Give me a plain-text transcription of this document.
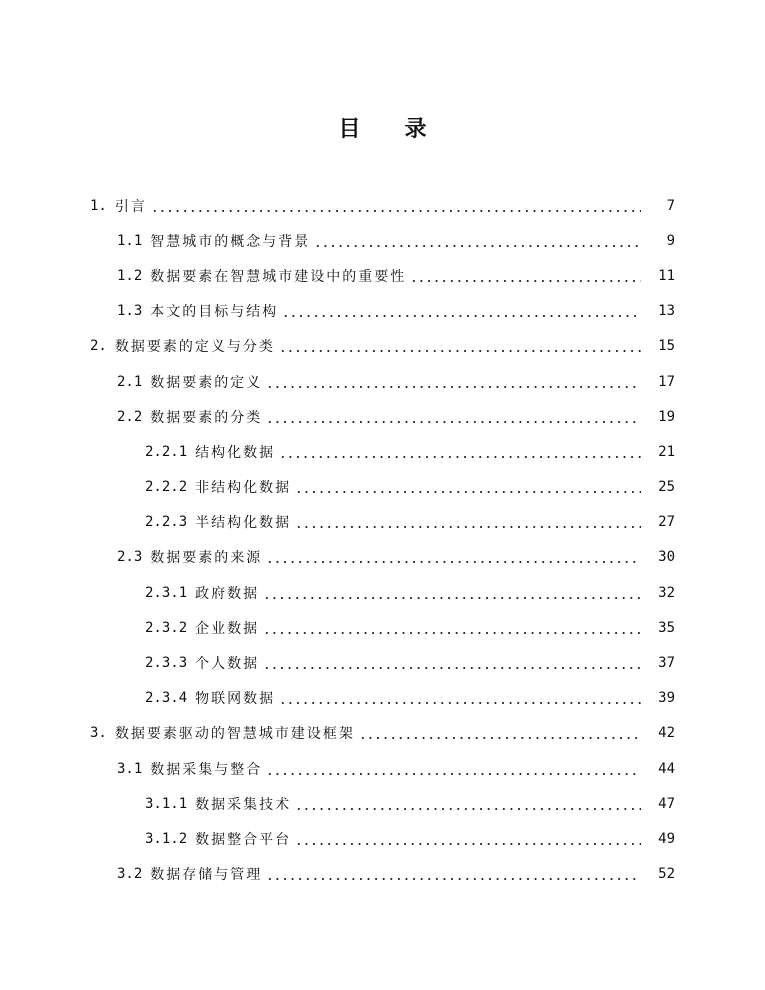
目 录
1. 引言	7
1.1 智慧城市的概念与背景	9
1.2 数据要素在智慧城市建设中的重要性	11
1.3 本文的目标与结构	13
2. 数据要素的定义与分类	15
2.1 数据要素的定义	17
2.2 数据要素的分类	19
2.2.1 结构化数据	21
2.2.2 非结构化数据	25
2.2.3 半结构化数据	27
2.3 数据要素的来源	30
2.3.1 政府数据	32
2.3.2 企业数据	35
2.3.3 个人数据	37
2.3.4 物联网数据	39
3. 数据要素驱动的智慧城市建设框架	42
3.1 数据采集与整合	44
3.1.1 数据采集技术	47
3.1.2 数据整合平台	49
3.2 数据存储与管理	52
